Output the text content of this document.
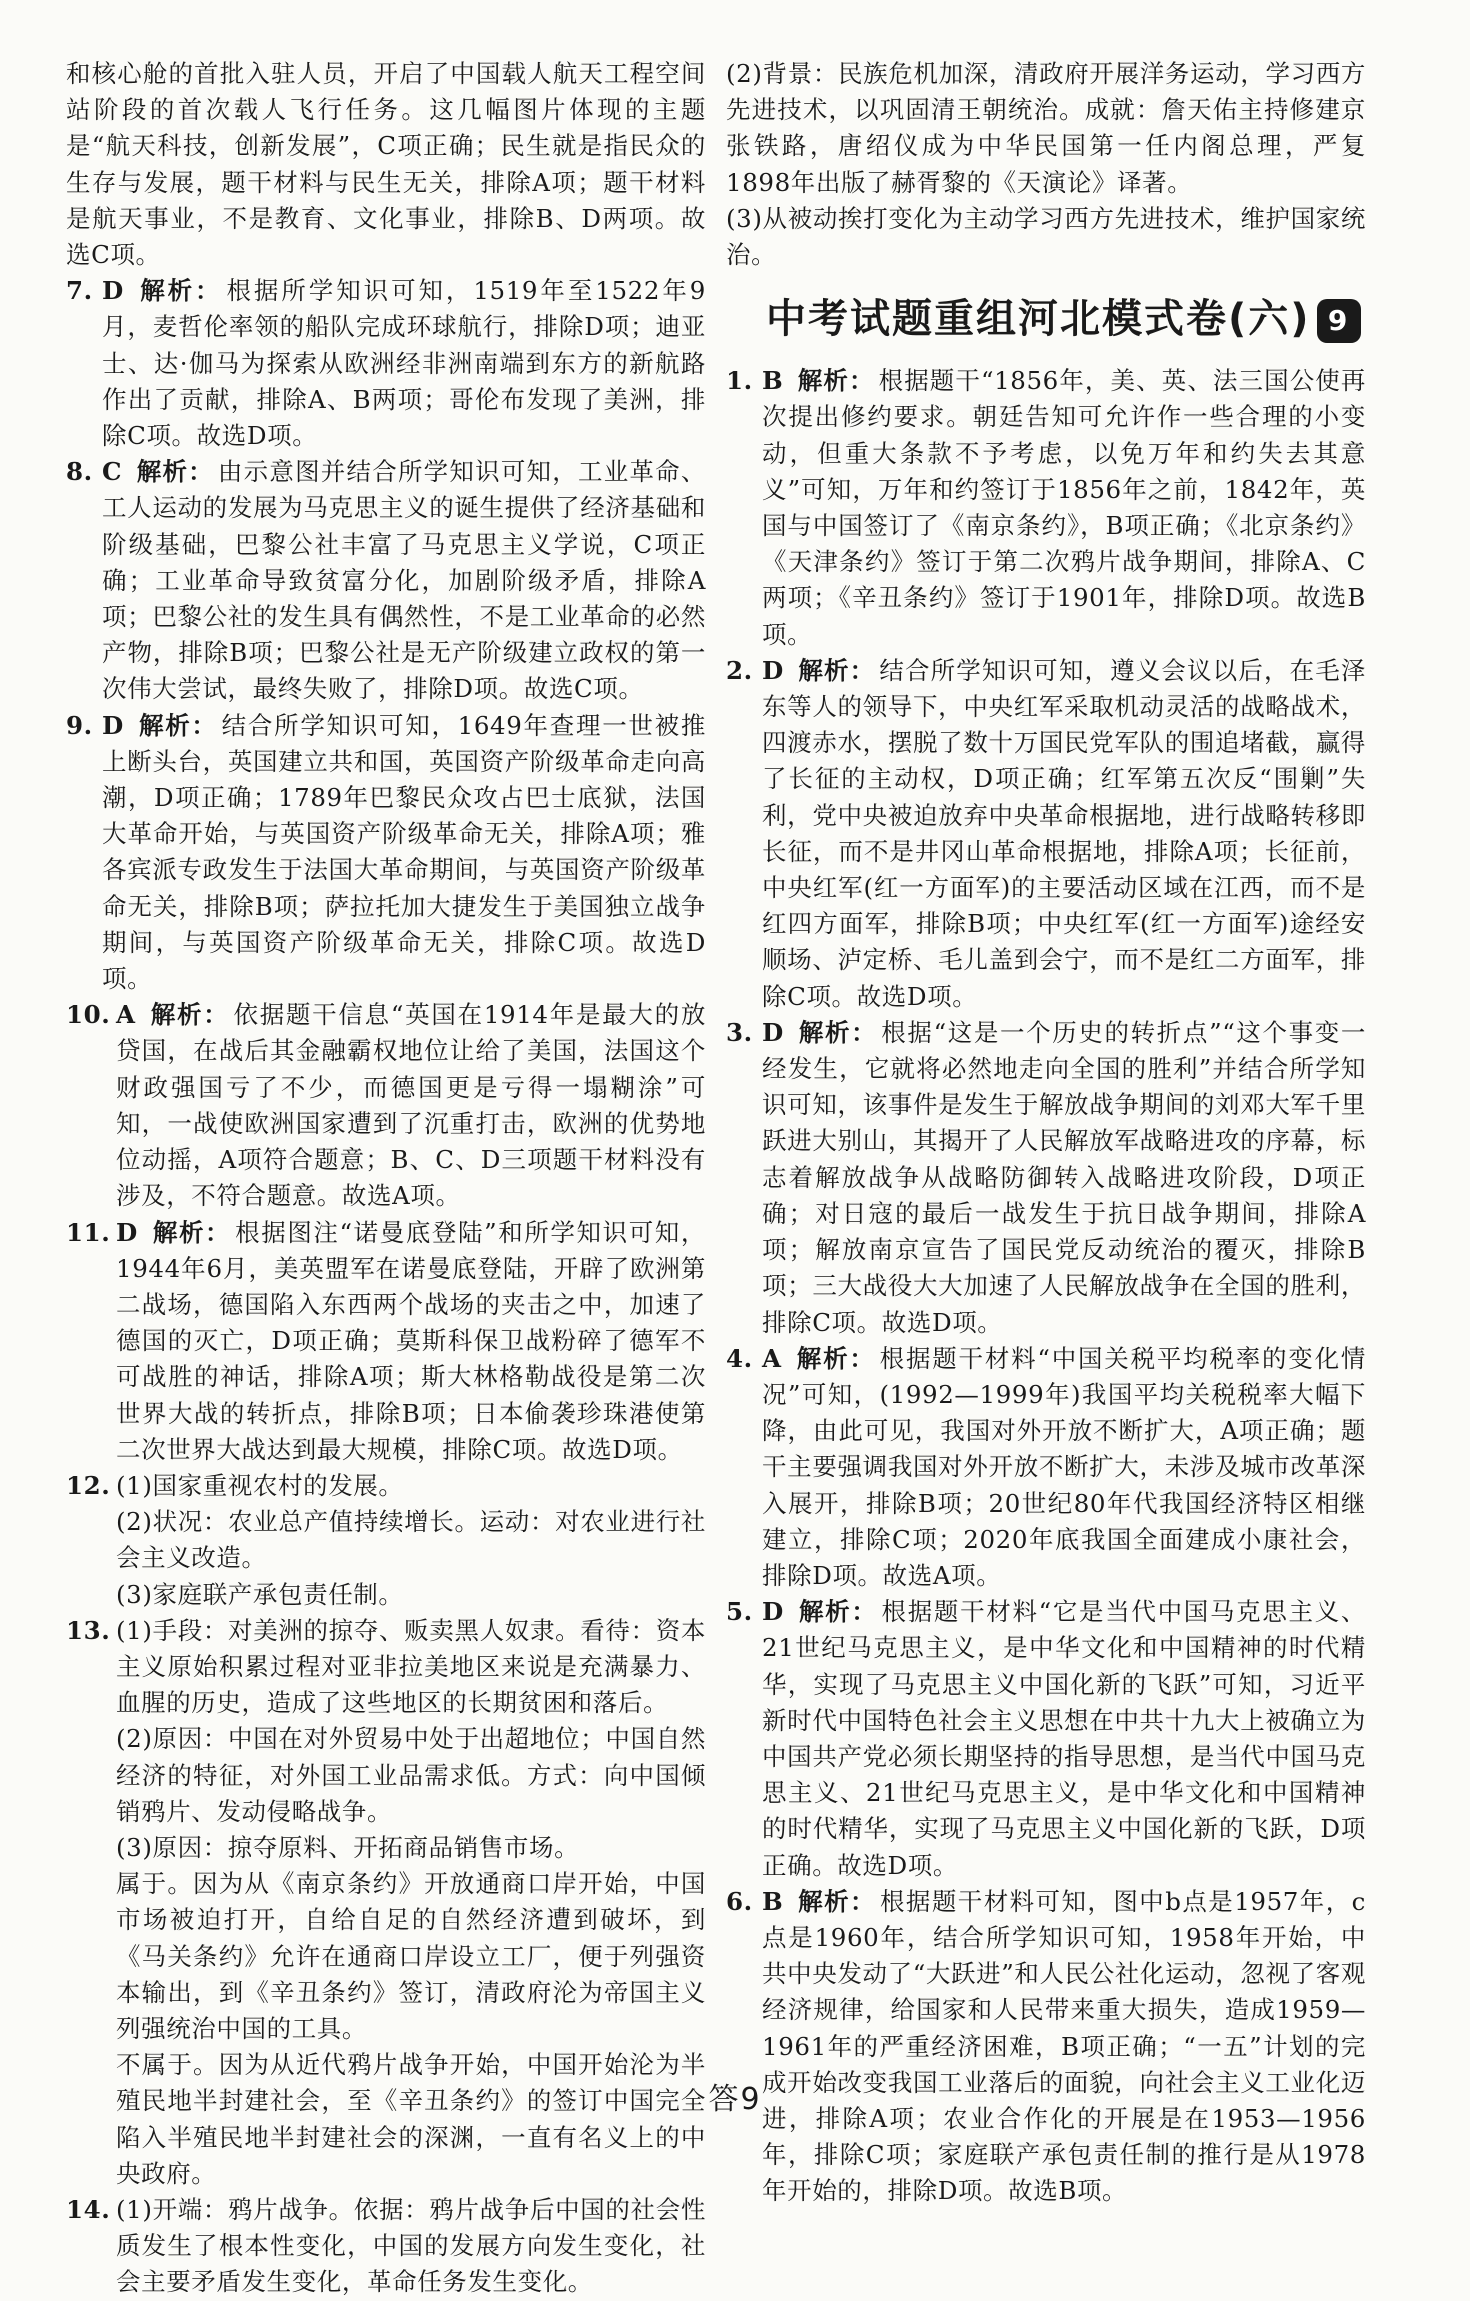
和核心舱的首批入驻人员，开启了中国载人航天工程空间站阶段的首次载人飞行任务。这几幅图片体现的主题是“航天科技，创新发展”，C项正确；民生就是指民众的生存与发展，题干材料与民生无关，排除A项；题干材料是航天事业，不是教育、文化事业，排除B、D两项。故选C项。

7. D 解析： 根据所学知识可知，1519年至1522年9月，麦哲伦率领的船队完成环球航行，排除D项；迪亚士、达·伽马为探索从欧洲经非洲南端到东方的新航路作出了贡献，排除A、B两项；哥伦布发现了美洲，排除C项。故选D项。
8. C 解析： 由示意图并结合所学知识可知，工业革命、工人运动的发展为马克思主义的诞生提供了经济基础和阶级基础，巴黎公社丰富了马克思主义学说，C项正确；工业革命导致贫富分化，加剧阶级矛盾，排除A项；巴黎公社的发生具有偶然性，不是工业革命的必然产物，排除B项；巴黎公社是无产阶级建立政权的第一次伟大尝试，最终失败了，排除D项。故选C项。
9. D 解析： 结合所学知识可知，1649年查理一世被推上断头台，英国建立共和国，英国资产阶级革命走向高潮，D项正确；1789年巴黎民众攻占巴士底狱，法国大革命开始，与英国资产阶级革命无关，排除A项；雅各宾派专政发生于法国大革命期间，与英国资产阶级革命无关，排除B项；萨拉托加大捷发生于美国独立战争期间，与英国资产阶级革命无关，排除C项。故选D项。
10. A 解析： 依据题干信息“英国在1914年是最大的放贷国，在战后其金融霸权地位让给了美国，法国这个财政强国亏了不少，而德国更是亏得一塌糊涂”可知，一战使欧洲国家遭到了沉重打击，欧洲的优势地位动摇，A项符合题意；B、C、D三项题干材料没有涉及，不符合题意。故选A项。
11. D 解析： 根据图注“诺曼底登陆”和所学知识可知，1944年6月，美英盟军在诺曼底登陆，开辟了欧洲第二战场，德国陷入东西两个战场的夹击之中，加速了德国的灭亡，D项正确；莫斯科保卫战粉碎了德军不可战胜的神话，排除A项；斯大林格勒战役是第二次世界大战的转折点，排除B项；日本偷袭珍珠港使第二次世界大战达到最大规模，排除C项。故选D项。
12. (1)国家重视农村的发展。

(2)状况：农业总产值持续增长。运动：对农业进行社会主义改造。

(3)家庭联产承包责任制。

13. (1)手段：对美洲的掠夺、贩卖黑人奴隶。看待：资本主义原始积累过程对亚非拉美地区来说是充满暴力、血腥的历史，造成了这些地区的长期贫困和落后。

(2)原因：中国在对外贸易中处于出超地位；中国自然经济的特征，对外国工业品需求低。方式：向中国倾销鸦片、发动侵略战争。

(3)原因：掠夺原料、开拓商品销售市场。

属于。因为从《南京条约》开放通商口岸开始，中国市场被迫打开，自给自足的自然经济遭到破坏，到《马关条约》允许在通商口岸设立工厂，便于列强资本输出，到《辛丑条约》签订，清政府沦为帝国主义列强统治中国的工具。

不属于。因为从近代鸦片战争开始，中国开始沦为半殖民地半封建社会，至《辛丑条约》的签订中国完全陷入半殖民地半封建社会的深渊，一直有名义上的中央政府。

14. (1)开端：鸦片战争。依据：鸦片战争后中国的社会性质发生了根本性变化，中国的发展方向发生变化，社会主要矛盾发生变化，革命任务发生变化。

(2)背景：民族危机加深，清政府开展洋务运动，学习西方先进技术，以巩固清王朝统治。成就：詹天佑主持修建京张铁路，唐绍仪成为中华民国第一任内阁总理，严复1898年出版了赫胥黎的《天演论》译著。

(3)从被动挨打变化为主动学习西方先进技术，维护国家统治。

中考试题重组河北模式卷(六) 9
1. B 解析： 根据题干“1856年，美、英、法三国公使再次提出修约要求。朝廷告知可允许作一些合理的小变动，但重大条款不予考虑，以免万年和约失去其意义”可知，万年和约签订于1856年之前，1842年，英国与中国签订了《南京条约》，B项正确；《北京条约》《天津条约》签订于第二次鸦片战争期间，排除A、C两项；《辛丑条约》签订于1901年，排除D项。故选B项。
2. D 解析： 结合所学知识可知，遵义会议以后，在毛泽东等人的领导下，中央红军采取机动灵活的战略战术，四渡赤水，摆脱了数十万国民党军队的围追堵截，赢得了长征的主动权，D项正确；红军第五次反“围剿”失利，党中央被迫放弃中央革命根据地，进行战略转移即长征，而不是井冈山革命根据地，排除A项；长征前，中央红军(红一方面军)的主要活动区域在江西，而不是红四方面军，排除B项；中央红军(红一方面军)途经安顺场、泸定桥、毛儿盖到会宁，而不是红二方面军，排除C项。故选D项。
3. D 解析： 根据“这是一个历史的转折点”“这个事变一经发生，它就将必然地走向全国的胜利”并结合所学知识可知，该事件是发生于解放战争期间的刘邓大军千里跃进大别山，其揭开了人民解放军战略进攻的序幕，标志着解放战争从战略防御转入战略进攻阶段，D项正确；对日寇的最后一战发生于抗日战争期间，排除A项；解放南京宣告了国民党反动统治的覆灭，排除B项；三大战役大大加速了人民解放战争在全国的胜利，排除C项。故选D项。
4. A 解析： 根据题干材料“中国关税平均税率的变化情况”可知，(1992—1999年)我国平均关税税率大幅下降，由此可见，我国对外开放不断扩大，A项正确；题干主要强调我国对外开放不断扩大，未涉及城市改革深入展开，排除B项；20世纪80年代我国经济特区相继建立，排除C项；2020年底我国全面建成小康社会，排除D项。故选A项。
5. D 解析： 根据题干材料“它是当代中国马克思主义、21世纪马克思主义，是中华文化和中国精神的时代精华，实现了马克思主义中国化新的飞跃”可知，习近平新时代中国特色社会主义思想在中共十九大上被确立为中国共产党必须长期坚持的指导思想，是当代中国马克思主义、21世纪马克思主义，是中华文化和中国精神的时代精华，实现了马克思主义中国化新的飞跃，D项正确。故选D项。
6. B 解析： 根据题干材料可知，图中b点是1957年，c点是1960年，结合所学知识可知，1958年开始，中共中央发动了“大跃进”和人民公社化运动，忽视了客观经济规律，给国家和人民带来重大损失，造成1959—1961年的严重经济困难，B项正确；“一五”计划的完成开始改变我国工业落后的面貌，向社会主义工业化迈进，排除A项；农业合作化的开展是在1953—1956年，排除C项；家庭联产承包责任制的推行是从1978年开始的，排除D项。故选B项。
答9
